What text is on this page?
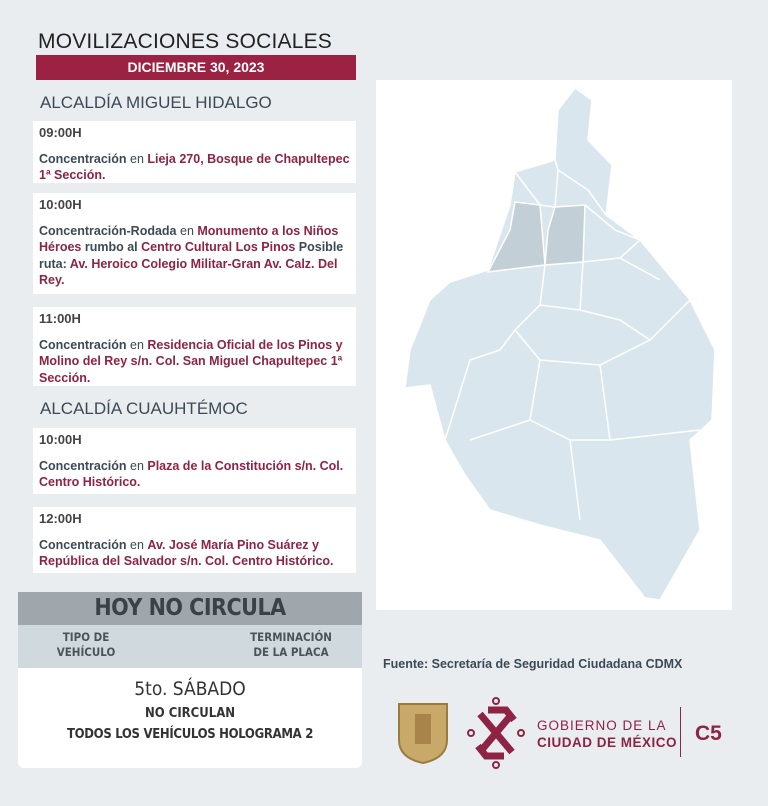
MOVILIZACIONES SOCIALES
DICIEMBRE 30, 2023
ALCALDÍA MIGUEL HIDALGO
09:00H
Concentración en Lieja 270, Bosque de Chapultepec 1ª Sección.
10:00H
Concentración-Rodada en Monumento a los Niños Héroes rumbo al Centro Cultural Los Pinos Posible ruta: Av. Heroico Colegio Militar-Gran Av. Calz. Del Rey.
11:00H
Concentración en Residencia Oficial de los Pinos y Molino del Rey s/n. Col. San Miguel Chapultepec 1ª Sección.
ALCALDÍA CUAUHTÉMOC
10:00H
Concentración en Plaza de la Constitución s/n. Col. Centro Histórico.
12:00H
Concentración en Av. José María Pino Suárez y República del Salvador s/n. Col. Centro Histórico.
HOY NO CIRCULA
TIPO DE VEHÍCULO
TERMINACIÓN DE LA PLACA
5to. SÁBADO
NO CIRCULAN
TODOS LOS VEHÍCULOS HOLOGRAMA 2
Fuente: Secretaría de Seguridad Ciudadana CDMX
GOBIERNO DE LA
CIUDAD DE MÉXICO C5
